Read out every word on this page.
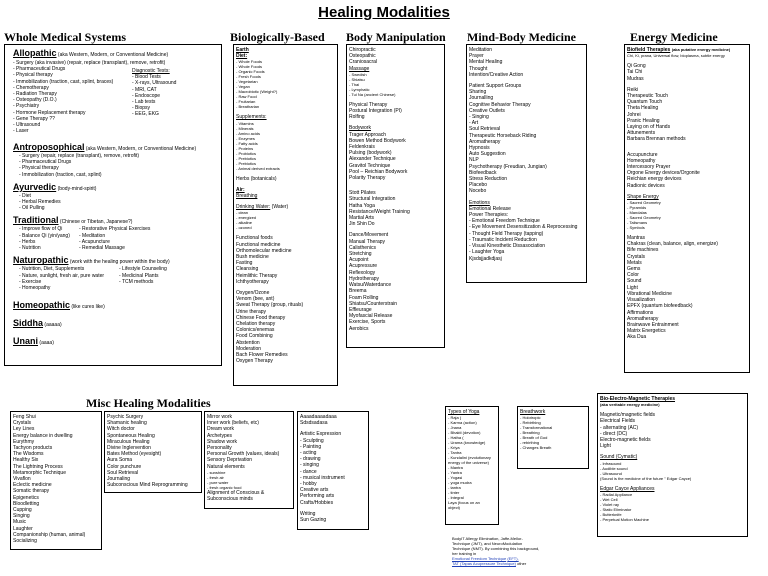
Healing Modalities
Whole Medical Systems	Biologically-Based Body Manipulation Mind-Body Medicine	Energy Medicine
Misc Healing Modalities
Allopathic (aka Western, Modern, or Conventional Medicine)
- Surgery (aka invasive) (repair, replace (transplant), remove, retrofit)
- Pharmaceutical Drugs
- Physical therapy
- Immobilization (traction, cast, splint, braces)
- Chemotherapy
- Radiation Therapy
- Osteopathy (D.O.)
- Psychiatry
- Hormone Replacement therapy
- Gene Therapy ??
- Ultrasound
- Laser
Diagnostic Tests:
- Blood Tests
- X-rays, Ultrasound
- MRI, CAT
- Endoscope
- Lab tests
- Biopsy
- EEG, EKG
Antroposophical (aka Western, Modern, or Conventional Medicine)
- Surgery (repair, replace (transplant), remove, retrofit)
- Pharmaceutical Drugs
- Physical therapy
- Immobilization (traction, cast, splint)
Ayurvedic (body-mind-spirit)
- Diet
- Herbal Remedies
- Oil Pulling
Traditional (Chinese or Tibetan, Japanese?)
- Improve flow of Qi
- Balance Qi (yin/yang)
- Herbs
- Nutrition
- Restorative Physical Exercises
- Meditation
- Acupuncture
- Remedial Massage
Naturopathic (work with the healing power within the body)
- Nutrition, Diet, Supplements
- Nature, sunlight, fresh air, pure water
- Exercise
- Homeopathy
- Lifestyle Counseling
- Medicinal Plants
- TCM methods
Homeopathic (like cures like)
Siddha (aaaaa)
Unani (aaaa)
Earth
Diet:
- Whole Foods
- Whole Foods
- Organic Foods
- Fresh Foods
- Vegetarian
- Vegan
- Macrobiotic (Weight?)
- Raw Food
- Fruitarian
- Breatharian
Supplements:
- Vitamins
- Minerals
- Amino acids
- Enzymes
- Fatty acids
- Proteins
- Probiotics
- Prebiotics
- Prebiotics
- Animal derived extracts
Herbs (botanicals)
Air:
Breathing
Drinking Water: (Water)
- clean
- energized
- alkaline
- ozoned
Functional foods
Functional medicine
Orthomolecular medicine
Bush medicine
Fasting
Cleansing
Heimlithic Therapy
Ichthyotherapy
Oxygen/Ozone
Venom (bee, ant)
Sweat Therapy (group, rituals)
Urine therapy
Chinese Food therapy
Chelation therapy
Colonics/enemas
Food Combining
Abstention
Moderation
Bach Flower Remedies
Oxygen Therapy
Chiropractic
Osteopathic
Craniosacral
Massage
- Swedish
- Shiatsu
- Thai
- Lymphatic
- Tui Na (ancient Chinese)
Physical Therapy
Postural Integration (PI)
Rolfing
Bodywork
Trager Approach
Bowen Method Bodywork
Feldenkrais
Pulsing (bodywork)
Alexander Technique
Gravitol Technique
Pool – Reichian Bodywork
Polarity Therapy
Stott Pilates
Structural Integration
Hatha Yoga
Resistance/Weight Training
Martial Arts
Jin Shin Do
Dance/Movement
Manual Therapy
Calisthenics
Stretching
Acupoint
Acupressure
Reflexology
Hydrotherapy
Watsu/Waterdance
Breema
Foam Rolling
Shiatsu/Counterstrain
Effleurage
Myofascial Release
Exercise, Sports
Aerobics
Meditation
Prayer
Mental Healing
Thought
Intention/Creative Action
Patient Support Groups
Sharing
Journalling
Cognitive Behavior Therapy
Creative Outlets
- Singing
- Art
Soul Retrieval
Therapeutic Horseback Riding
Aromatherapy
Hypnosis
Auto Suggestion
NLP
Psychotherapy (Freudian, Jungian)
Biofeedback
Stress Reduction
Placebo
Nocebo
Emotions
Emotional Release
Power Therapies:
- Emotional Freedom Technique
- Eye Movement Desensitization & Reprocessing
- Thought Field Therapy (tapping)
- Traumatic Incident Reduction
- Visual Kinesthetic Dissasociation
- Laughter Yoga
Kjsdsjjadkdjasj
Biofield Therapies (aka putative energy medicine)
Chi, Ki, prana, Universal flow, bioplasma, subtle energy
Qi Gong
Tai Chi
Mudras
Reiki
Therapeutic Touch
Quantum Touch
Theta Healing
Johrei
Pranic Healing
Laying on of Hands
Attunements
Barbara Brennan methods
Accupuncture
Homeopathy
Intercessory Prayer
Orgone Energy devices/Orgonite
Reichian energy devices
Radionic devices
Shape Energy
- Sacred Geometry
- Pyramids
- Mandalas
- Sacred Geometry
- Talismans
- Symbols
Mantras
Chakras (clean, balance, align, energize)
Bife machines
Crystals
Metals
Gems
Color
Sound
Light
Vibrational Medicine
Visualization
EPFX (quantum biofeedback)
Affirmations
Aromatherapy
Brainwave Entrainment
Matrix Energetics
Aka Dua
Feng Shui
Crystals
Ley Lines
Energy balance in dwelling
Eurythmy
Tachyon products
The Wisdoms
Healthy Six
The Lightning Process
Metamorphic Technique
Vivaflon
Eclectic medicine
Somatic therapy
Epigenetics
Bloodletting
Cupping
Singing
Music
Laughter
Companionship (human, animal)
Socializing
Psychic Surgery
Shamanic healing
Witch doctor
Spontaneous Healing
Miraculous Healing
Divine Inglervention
Bates Method (eyesight)
Aura Soma
Color punchure
Soul Retrieval
Journaling
Subconscious Mind Reprogramming
Mirror work
Inner work (beliefs, etc)
Dream work
Archetypes
Shadow work
Personality
Personal Growth (values, ideals)
Sensory Deprivation
Natural elements
- sunshine
- fresh air
- pure water
- fresh organic food
Alignment of Conscious &
Subconscious minds
Aaaadaaaadaaa
Sdsdsadasa
Artistic Expression
- Sculpting
- Painting
- acting
- drawing
- singing
- dance
- musical instrument
- hobby
Creative arts
Performing arts
Crafts/Hobbies
Writing
Sun Gazing
Types of Yoga
- Raja (
- Karma (action)
- Jnana
- Bhakti (devotion)
- Hatha (
- Urama (knowledge)
- Kriya
- Tantra
- Kundalini (evolutionary
energy of the universe)
- Mantra
- Yantra
- Yogasi
- yoga mudra
- tantra
- tinter
- Integral
Laya (focus on an
object)
Breathwork
- Holotropic
- Rebirthing
- Transformational
- Breathing
- Breath of God
- rebirthing
- Changes Breath
BodyIT Allergy Elimination, Jaffe-Mellor-
Technique (JMT), and NeuroModulation
Technique (NMT). By combining this background,
her training in
Emotional Freedom Technique (EFT),
TAT (Tapas Acupressure Technique) other
Bio-Electro-Magnetic Therapies
(aka veritable energy medicine)
Magnetic/magnetic fields
Electrical Fields
- alternating (AC)
- direct (DC)
Electro-magnetic fields
Light
Sound (Cymatic)
- Infrasound
- Audible sound
- Ultrasound
(Sound is the medicine of the future " Edgar Cayce)
Edgar Cayce Appliances
- Radial Appliance
- Wet Cell
- Violet ray
- Static Eliminator
- Butterknife
- Perpetual Motion Machine
